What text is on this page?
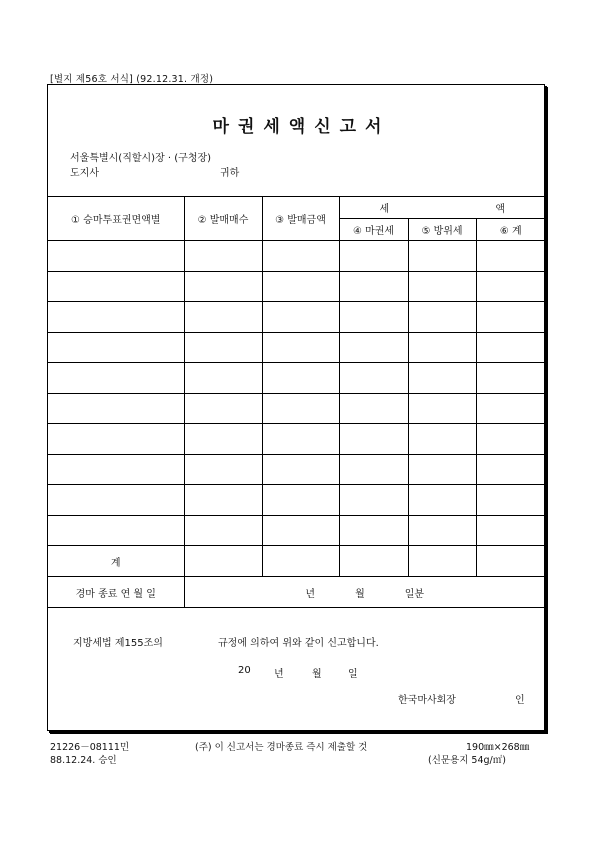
[별지 제56호 서식] (92.12.31. 개정)
마권세액신고서
서울특별시(직할시)장 · (구청장)
도지사	귀하
① 승마투표권면액별	② 발매매수	③ 발매금액	세 액		

			④ 마권세	⑤ 방위세	⑥ 계

계					
경마 종료 연 월 일	년 월 일분				
지방세법 제155조의	규정에 의하여 위와 같이 신고합니다.
20 년	월	일
한국마사회장	인
21226－08111민
88.12.24. 승인
(주) 이 신고서는 경마종료 즉시 제출할 것	190㎜×268㎜
(신문용지 54g/㎡)
